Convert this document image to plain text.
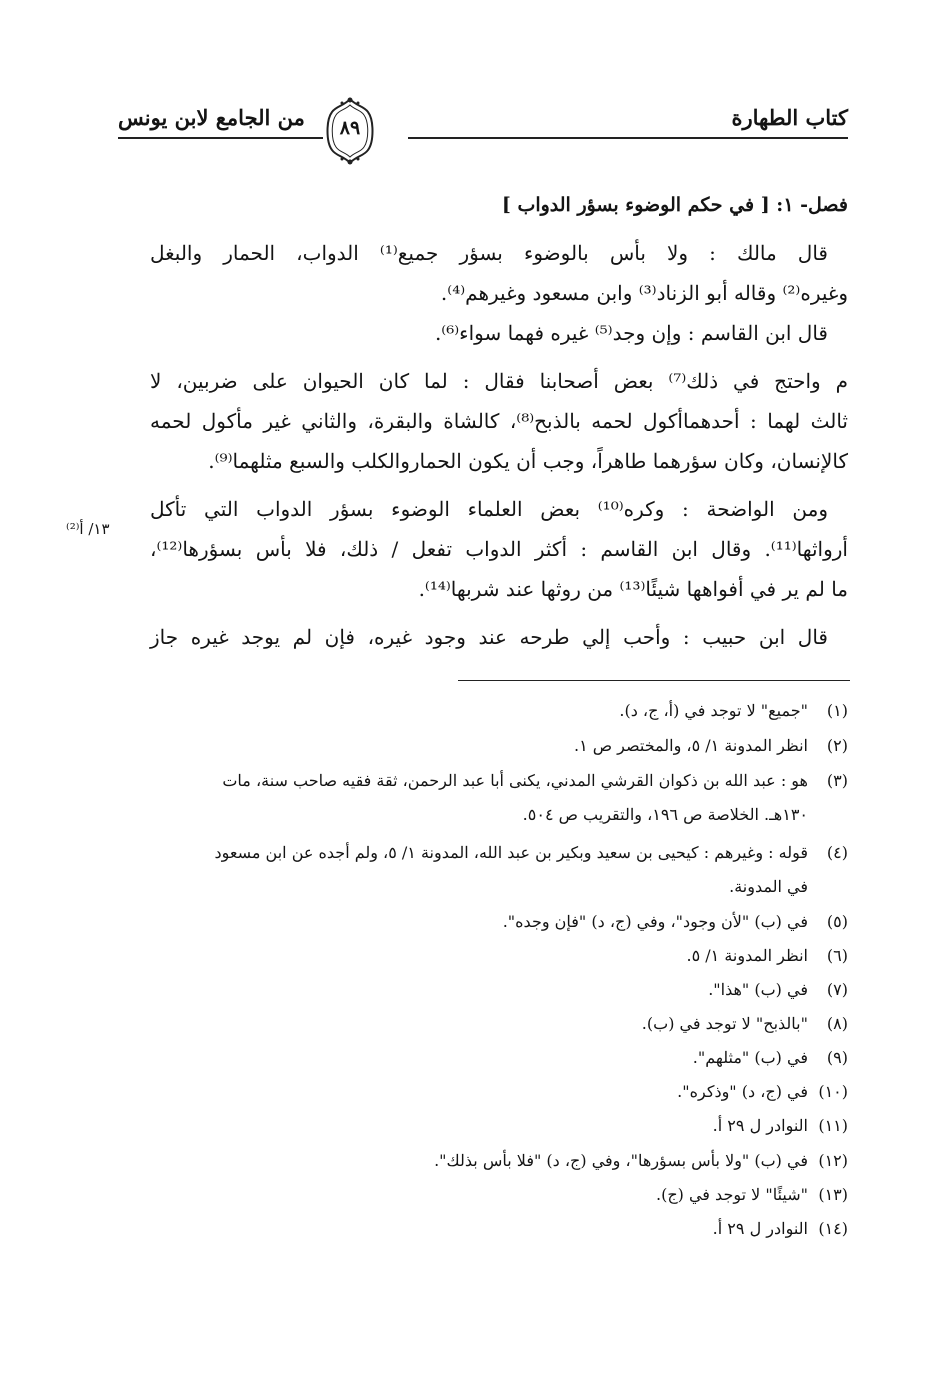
كتاب الطهارة
من الجامع لابن يونس	٨٩
فصل- ١: [ في حكم الوضوء بسؤر الدواب ]
قال مالك : ولا بأس بالوضوء بسؤر جميع⁽¹⁾ الدواب، الحمار والبغل
وغيره⁽²⁾ وقاله أبو الزناد⁽³⁾ وابن مسعود وغيرهم⁽⁴⁾.
قال ابن القاسم : وإن وجد⁽⁵⁾ غيره فهما سواء⁽⁶⁾.
م واحتج في ذلك⁽⁷⁾ بعض أصحابنا فقال : لما كان الحيوان على ضربين، لا
ثالث لهما : أحدهماأكول لحمه بالذبح⁽⁸⁾، كالشاة والبقرة، والثاني غير مأكول لحمه
كالإنسان، وكان سؤرهما طاهراً، وجب أن يكون الحماروالكلب والسبع مثلهما⁽⁹⁾.
ومن الواضحة : وكره⁽¹⁰⁾ بعض العلماء الوضوء بسؤر الدواب التي تأكل
أرواثها⁽¹¹⁾. وقال ابن القاسم : أكثر الدواب تفعل / ذلك، فلا بأس بسؤرها⁽¹²⁾،
ما لم ير في أفواهها شيئًا⁽¹³⁾ من روثها عند شربها⁽¹⁴⁾.
قال ابن حبيب : وأحب إلي طرحه عند وجود غيره، فإن لم يوجد غيره جاز
١٣/ أ⁽²⁾
(١)"جميع" لا توجد في (أ، ج، د).
(٢)انظر المدونة ١/ ٥، والمختصر ص ١.
(٣)هو : عبد الله بن ذكوان القرشي المدني، يكنى أبا عبد الرحمن، ثقة فقيه صاحب سنة، مات
١٣٠هـ. الخلاصة ص ١٩٦، والتقريب ص ٥٠٤.
(٤)قوله : وغيرهم : كيحيى بن سعيد وبكير بن عبد الله، المدونة ١/ ٥، ولم أجده عن ابن مسعود
في المدونة.
(٥)في (ب) "لأن وجود"، وفي (ج، د) "فإن وجده".
(٦)انظر المدونة ١/ ٥.
(٧)في (ب) "هذا".
(٨)"بالذبح" لا توجد في (ب).
(٩)في (ب) "مثلهم".
(١٠)في (ج، د) "وذكره".
(١١)النوادر ل ٢٩ أ.
(١٢)في (ب) "ولا بأس بسؤرها"، وفي (ج، د) "فلا بأس بذلك".
(١٣)"شيئًا" لا توجد في (ج).
(١٤)النوادر ل ٢٩ أ.
